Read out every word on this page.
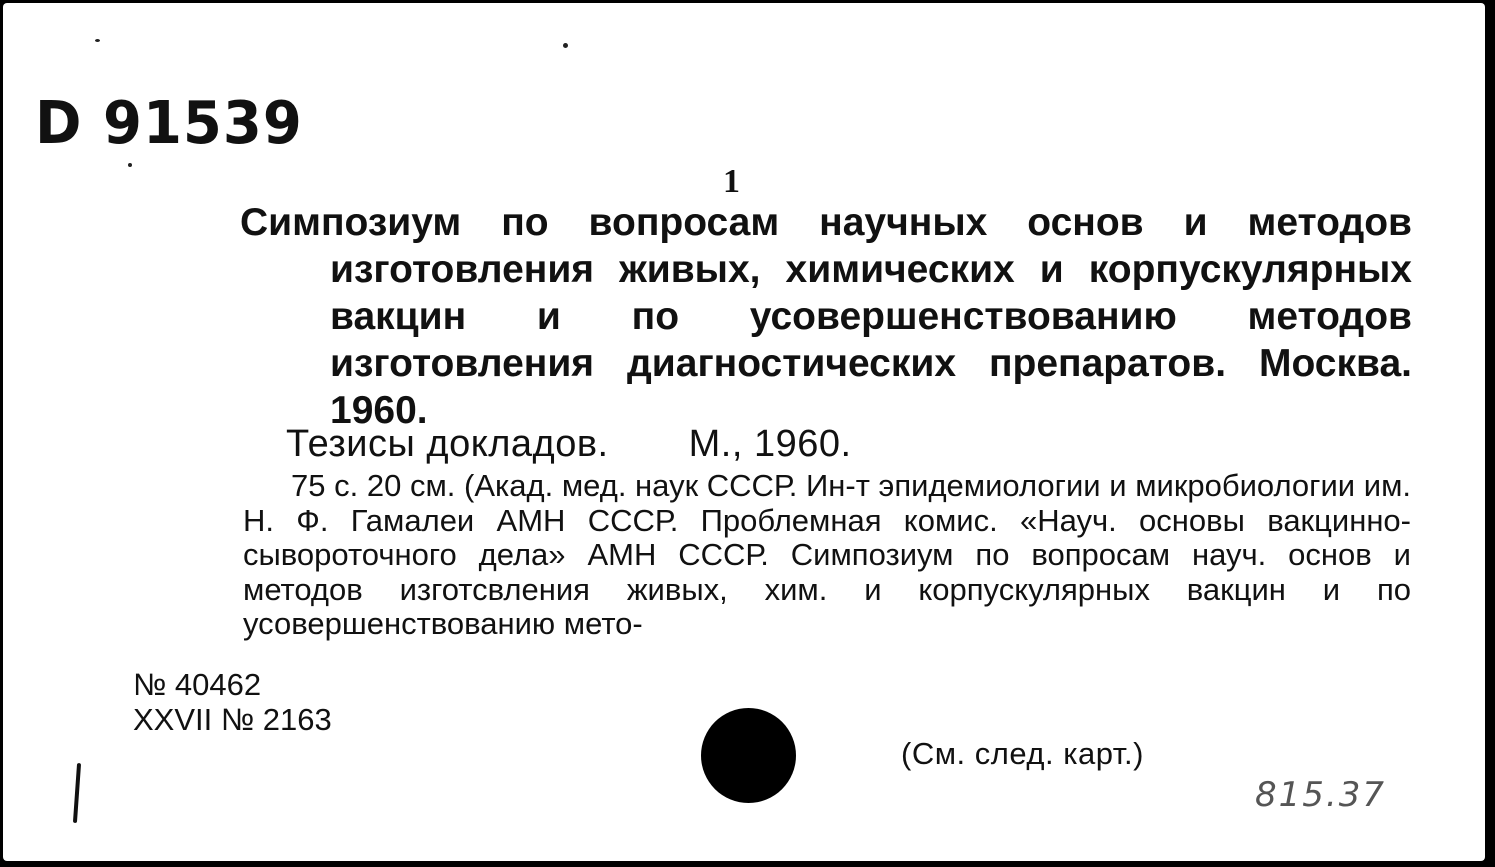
D 91539
1
Симпозиум по вопросам научных основ и методов изготовления живых, химических и корпускулярных вакцин и по усовершенствованию методов изготовления диагностических препаратов. Москва. 1960.
Тезисы докладов. М., 1960.
75 с. 20 см. (Акад. мед. наук СССР. Ин-т эпидемиологии и микробиологии им. Н. Ф. Гамалеи АМН СССР. Проблемная комис. «Науч. основы вакцинно-сывороточного дела» АМН СССР. Симпозиум по вопросам науч. основ и методов изготсвления живых, хим. и корпускулярных вакцин и по усовершенствованию мето-
№ 40462
XXVII № 2163
(См. след. карт.)
815.37
